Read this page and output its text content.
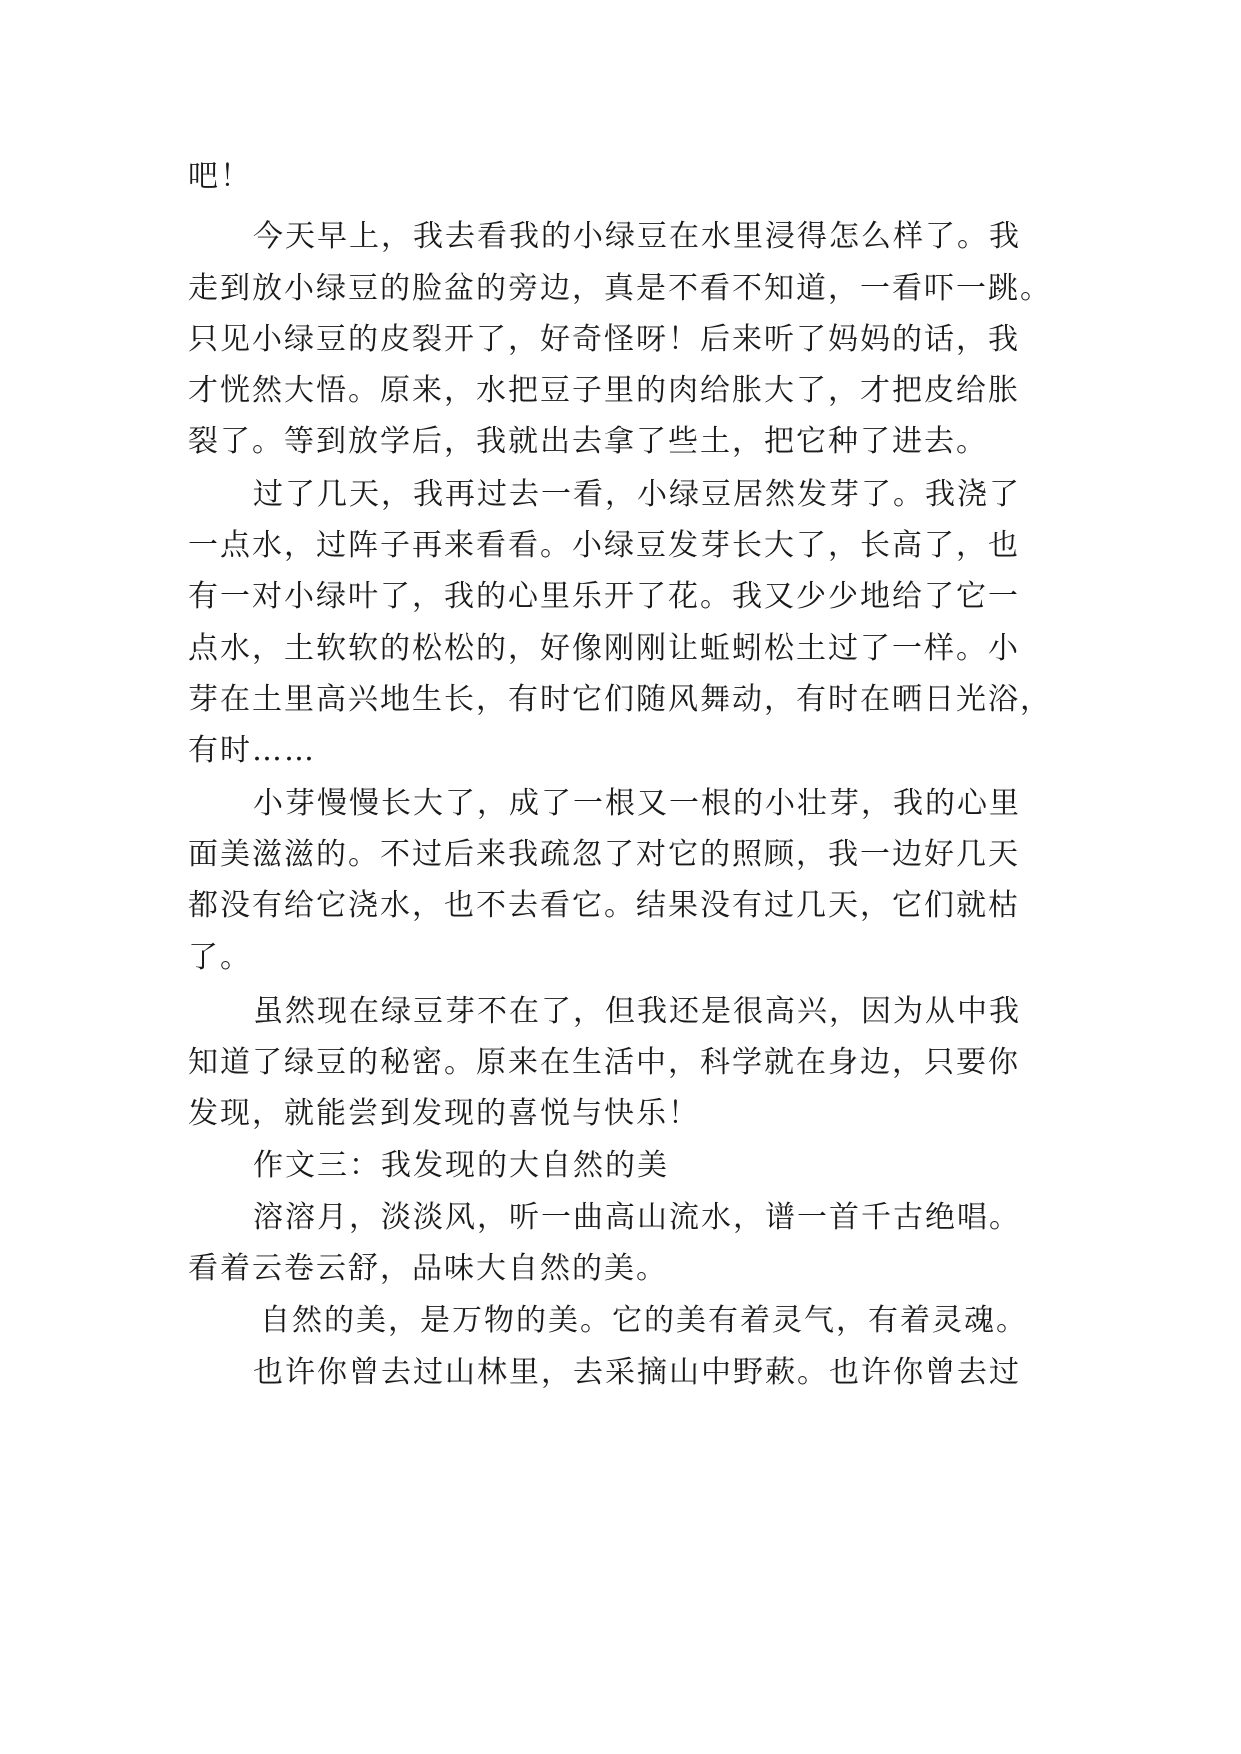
吧！
今天早上，我去看我的小绿豆在水里浸得怎么样了。我
走到放小绿豆的脸盆的旁边，真是不看不知道，一看吓一跳。
只见小绿豆的皮裂开了，好奇怪呀！后来听了妈妈的话，我
才恍然大悟。原来，水把豆子里的肉给胀大了，才把皮给胀
裂了。等到放学后，我就出去拿了些土，把它种了进去。
过了几天，我再过去一看，小绿豆居然发芽了。我浇了
一点水，过阵子再来看看。小绿豆发芽长大了，长高了，也
有一对小绿叶了，我的心里乐开了花。我又少少地给了它一
点水，土软软的松松的，好像刚刚让蚯蚓松土过了一样。小
芽在土里高兴地生长，有时它们随风舞动，有时在晒日光浴，
有时……
小芽慢慢长大了，成了一根又一根的小壮芽，我的心里
面美滋滋的。不过后来我疏忽了对它的照顾，我一边好几天
都没有给它浇水，也不去看它。结果没有过几天，它们就枯
了。
虽然现在绿豆芽不在了，但我还是很高兴，因为从中我
知道了绿豆的秘密。原来在生活中，科学就在身边，只要你
发现，就能尝到发现的喜悦与快乐！
作文三：我发现的大自然的美
溶溶月，淡淡风，听一曲高山流水，谱一首千古绝唱。
看着云卷云舒，品味大自然的美。
自然的美，是万物的美。它的美有着灵气，有着灵魂。
也许你曾去过山林里，去采摘山中野蔌。也许你曾去过
